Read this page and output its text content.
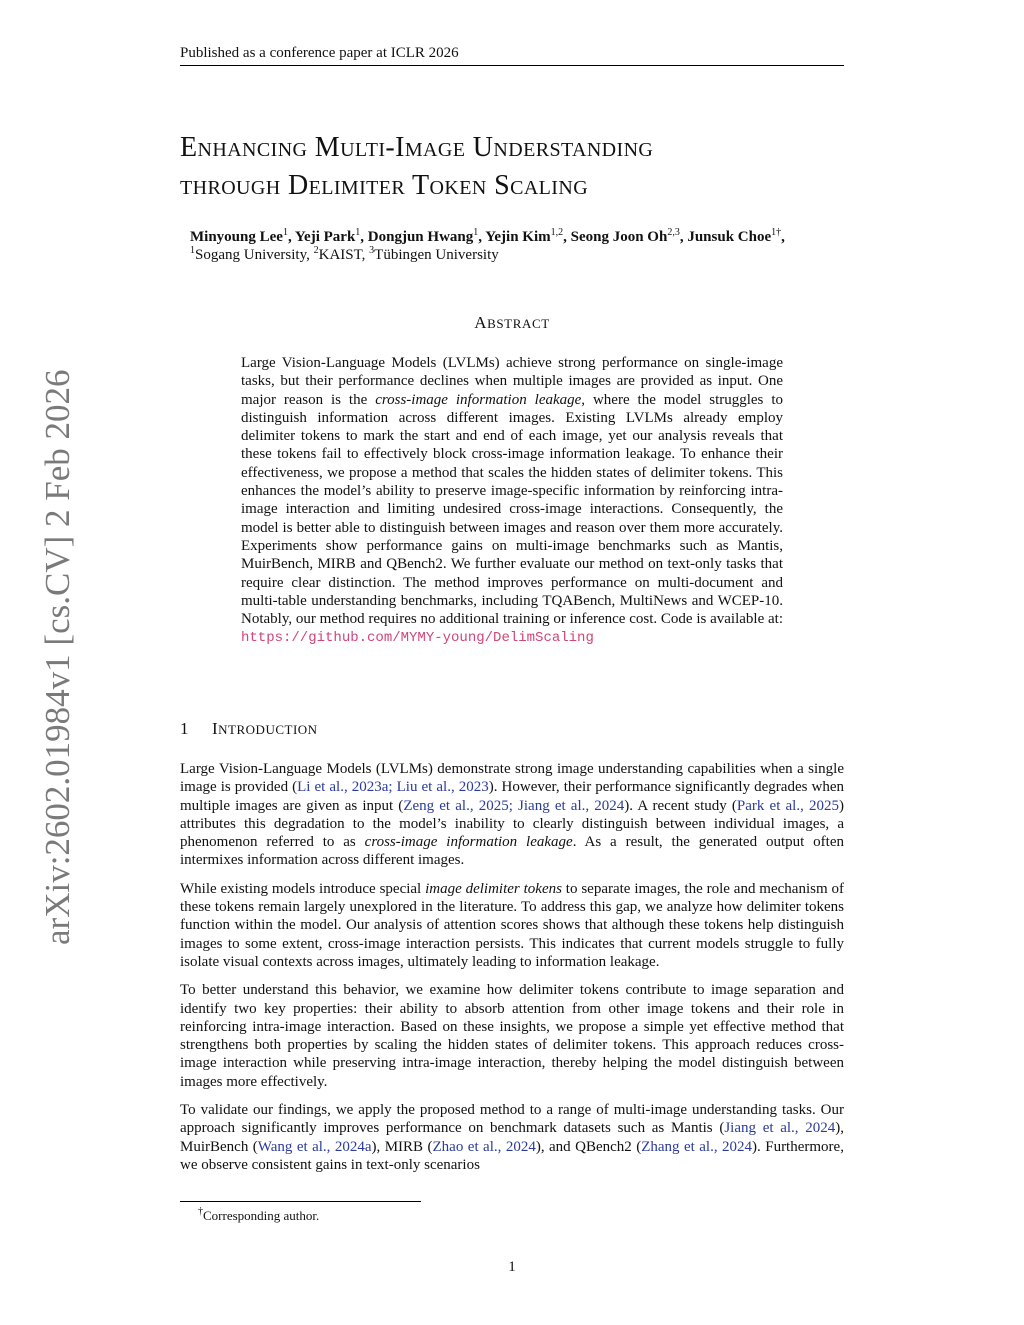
Published as a conference paper at ICLR 2026
arXiv:2602.01984v1 [cs.CV] 2 Feb 2026
ENHANCING MULTI-IMAGE UNDERSTANDING
THROUGH DELIMITER TOKEN SCALING
Minyoung Lee$^1$, Yeji Park$^1$, Dongjun Hwang$^1$, Yejin Kim$^{1,2}$, Seong Joon Oh$^{2,3}$, Junsuk Choe$^{1\dagger}$,
$^1$Sogang University, $^2$KAIST, $^3$Tübingen University
ABSTRACT
Large Vision-Language Models (LVLMs) achieve strong performance on single-image tasks, but their performance declines when multiple images are provided as input. One major reason is the cross-image information leakage, where the model struggles to distinguish information across different images. Existing LVLMs already employ delimiter tokens to mark the start and end of each image, yet our analysis reveals that these tokens fail to effectively block cross-image information leakage. To enhance their effectiveness, we propose a method that scales the hidden states of delimiter tokens. This enhances the model’s ability to preserve image-specific information by reinforcing intra-image interaction and limiting undesired cross-image interactions. Consequently, the model is better able to distinguish between images and reason over them more accurately. Experiments show performance gains on multi-image benchmarks such as Mantis, MuirBench, MIRB and QBench2. We further evaluate our method on text-only tasks that require clear distinction. The method improves performance on multi-document and multi-table understanding benchmarks, including TQABench, MultiNews and WCEP-10. Notably, our method requires no additional training or inference cost. Code is available at: https://github.com/MYMY-young/DelimScaling
1 INTRODUCTION

Large Vision-Language Models (LVLMs) demonstrate strong image understanding capabilities when a single image is provided (Li et al., 2023a; Liu et al., 2023). However, their performance significantly degrades when multiple images are given as input (Zeng et al., 2025; Jiang et al., 2024). A recent study (Park et al., 2025) attributes this degradation to the model’s inability to clearly distinguish between individual images, a phenomenon referred to as cross-image information leakage. As a result, the generated output often intermixes information across different images.

While existing models introduce special image delimiter tokens to separate images, the role and mechanism of these tokens remain largely unexplored in the literature. To address this gap, we analyze how delimiter tokens function within the model. Our analysis of attention scores shows that although these tokens help distinguish images to some extent, cross-image interaction persists. This indicates that current models struggle to fully isolate visual contexts across images, ultimately leading to information leakage.

To better understand this behavior, we examine how delimiter tokens contribute to image separation and identify two key properties: their ability to absorb attention from other image tokens and their role in reinforcing intra-image interaction. Based on these insights, we propose a simple yet effective method that strengthens both properties by scaling the hidden states of delimiter tokens. This approach reduces cross-image interaction while preserving intra-image interaction, thereby helping the model distinguish between images more effectively.

To validate our findings, we apply the proposed method to a range of multi-image understanding tasks. Our approach significantly improves performance on benchmark datasets such as Mantis (Jiang et al., 2024), MuirBench (Wang et al., 2024a), MIRB (Zhao et al., 2024), and QBench2 (Zhang et al., 2024). Furthermore, we observe consistent gains in text-only scenarios

†Corresponding author.
1
